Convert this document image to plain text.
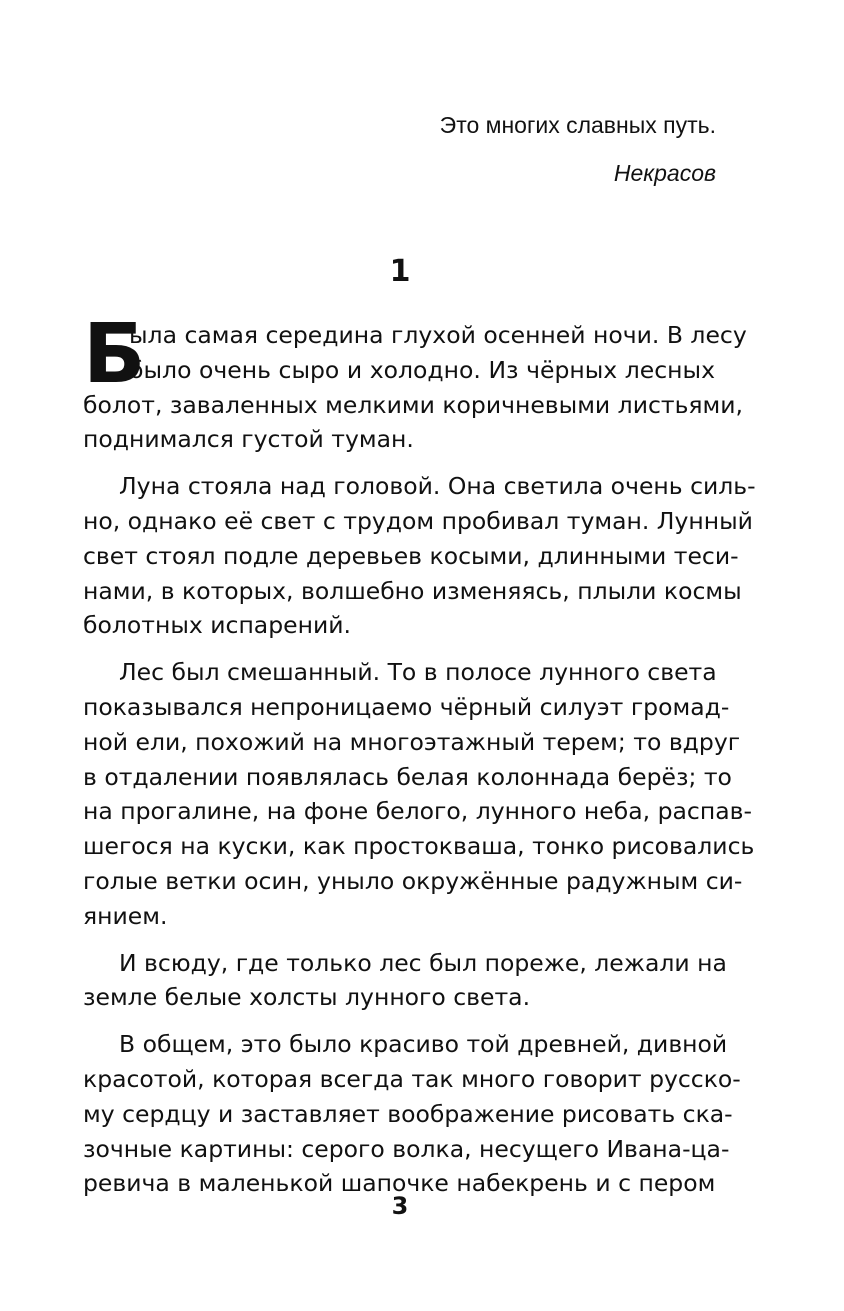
Это многих славных путь.
Некрасов
1
Б
ыла самая середина глухой осенней ночи. В лесу
было очень сыро и холодно. Из чёрных лесных
болот, заваленных мелкими коричневыми листьями,
поднимался густой туман.
Луна стояла над головой. Она светила очень силь-
но, однако её свет с трудом пробивал туман. Лунный
свет стоял подле деревьев косыми, длинными теси-
нами, в которых, волшебно изменяясь, плыли космы
болотных испарений.
Лес был смешанный. То в полосе лунного света
показывался непроницаемо чёрный силуэт громад-
ной ели, похожий на многоэтажный терем; то вдруг
в отдалении появлялась белая колоннада берёз; то
на прогалине, на фоне белого, лунного неба, распав-
шегося на куски, как простокваша, тонко рисовались
голые ветки осин, уныло окружённые радужным си-
янием.
И всюду, где только лес был пореже, лежали на
земле белые холсты лунного света.
В общем, это было красиво той древней, дивной
красотой, которая всегда так много говорит русско-
му сердцу и заставляет воображение рисовать ска-
зочные картины: серого волка, несущего Ивана-ца-
ревича в маленькой шапочке набекрень и с пером
3
